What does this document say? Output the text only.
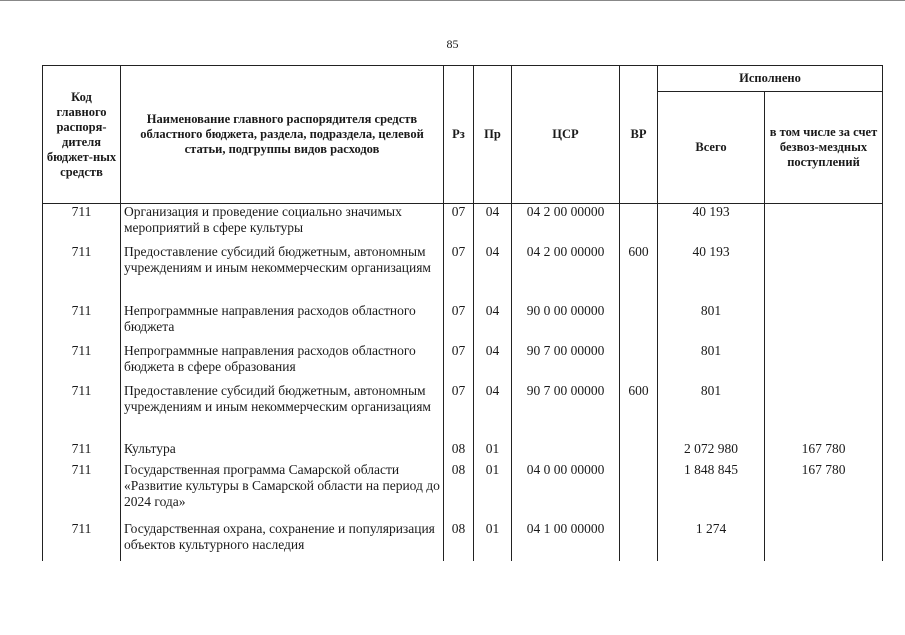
85
Код главного распоря-дителя бюджет-ных средств	Наименование главного распорядителя средств областного бюджета, раздела, подраздела, целевой статьи, подгруппы видов расходов	Рз	Пр	ЦСР	ВР	Исполнено	
						Всего	в том числе за счет безвоз-мездных поступлений
711	Организация и проведение социально значимых мероприятий в сфере культуры	07	04	04 2 00 00000		40 193	
711	Предоставление субсидий бюджетным, автономным учреждениям и иным некоммерческим организациям	07	04	04 2 00 00000	600	40 193	
711	Непрограммные направления расходов областного бюджета	07	04	90 0 00 00000		801	
711	Непрограммные направления расходов областного бюджета в сфере образования	07	04	90 7 00 00000		801	
711	Предоставление субсидий бюджетным, автономным учреждениям и иным некоммерческим организациям	07	04	90 7 00 00000	600	801	
711	Культура	08	01			2 072 980	167 780
711	Государственная программа Самарской области «Развитие культуры в Самарской области на период до 2024 года»	08	01	04 0 00 00000		1 848 845	167 780
711	Государственная охрана, сохранение и популяризация объектов культурного наследия	08	01	04 1 00 00000		1 274	
